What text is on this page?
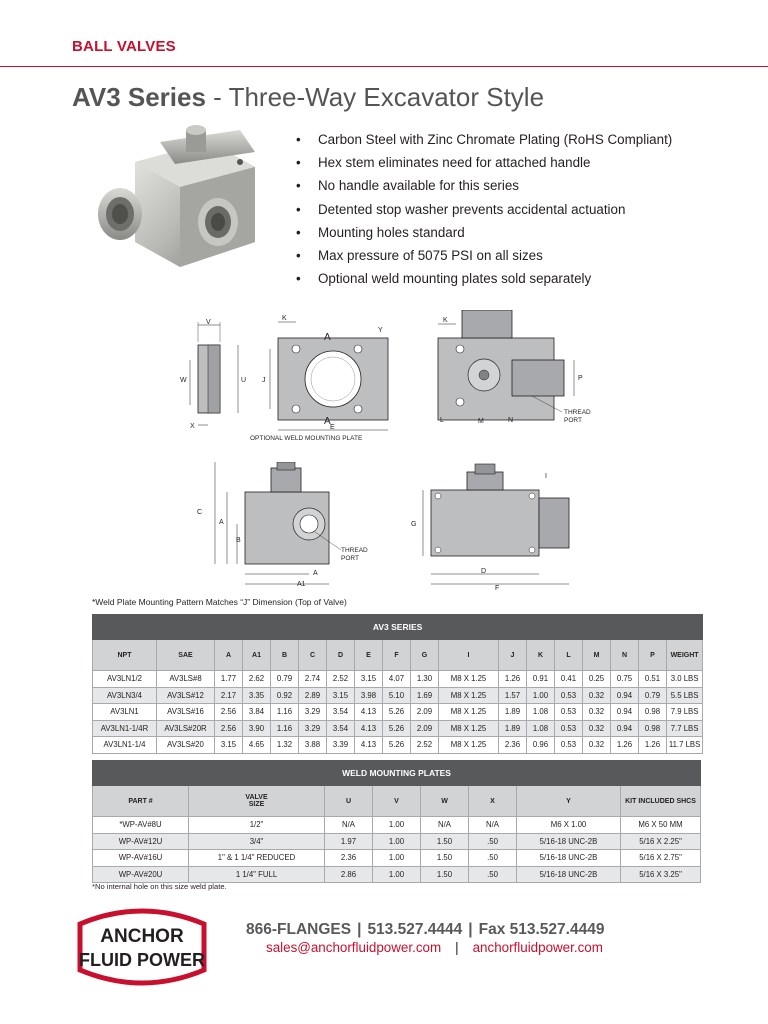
BALL VALVES
AV3 Series - Three-Way Excavator Style
• Carbon Steel with Zinc Chromate Plating (RoHS Compliant)
• Hex stem eliminates need for attached handle
• No handle available for this series
• Detented stop washer prevents accidental actuation
• Mounting holes standard
• Max pressure of 5075 PSI on all sizes
• Optional weld mounting plates sold separately
V
W	U
X
K
A
A
Y
J
E
OPTIONAL WELD MOUNTING PLATE
K
P
L	M	N
THREAD
PORT
C
A
B
A
A1
THREAD
PORT
I
G
D
F
*Weld Plate Mounting Pattern Matches “J” Dimension (Top of Valve)
AV3 SERIES																	
NPT	SAE	A	A1	B	C	D	E	F	G	I	J	K	L	M	N	P	WEIGHT
AV3LN1/2	AV3LS#8	1.77	2.62	0.79	2.74	2.52	3.15	4.07	1.30	M8 X 1.25	1.26	0.91	0.41	0.25	0.75	0.51	3.0 LBS
AV3LN3/4	AV3LS#12	2.17	3.35	0.92	2.89	3.15	3.98	5.10	1.69	M8 X 1.25	1.57	1.00	0.53	0.32	0.94	0.79	5.5 LBS
AV3LN1	AV3LS#16	2.56	3.84	1.16	3.29	3.54	4.13	5.26	2.09	M8 X 1.25	1.89	1.08	0.53	0.32	0.94	0.98	7.9 LBS
AV3LN1-1/4R	AV3LS#20R	2.56	3.90	1.16	3.29	3.54	4.13	5.26	2.09	M8 X 1.25	1.89	1.08	0.53	0.32	0.94	0.98	7.7 LBS
AV3LN1-1/4	AV3LS#20	3.15	4.65	1.32	3.88	3.39	4.13	5.26	2.52	M8 X 1.25	2.36	0.96	0.53	0.32	1.26	1.26	11.7 LBS
WELD MOUNTING PLATES							
PART #	VALVE
SIZE	U	V	W	X	Y	KIT INCLUDED SHCS
*WP-AV#8U	1/2"	N/A	1.00	N/A	N/A	M6 X 1.00	M6 X 50 MM
WP-AV#12U	3/4"	1.97	1.00	1.50	.50	5/16-18 UNC-2B	5/16 X 2.25"
WP-AV#16U	1" & 1 1/4" REDUCED	2.36	1.00	1.50	.50	5/16-18 UNC-2B	5/16 X 2.75"
WP-AV#20U	1 1/4" FULL	2.86	1.00	1.50	.50	5/16-18 UNC-2B	5/16 X 3.25"
*No internal hole on this size weld plate.
ANCHOR
FLUID POWER
866-FLANGES | 513.527.4444 | Fax 513.527.4449
sales@anchorfluidpower.com | anchorfluidpower.com
